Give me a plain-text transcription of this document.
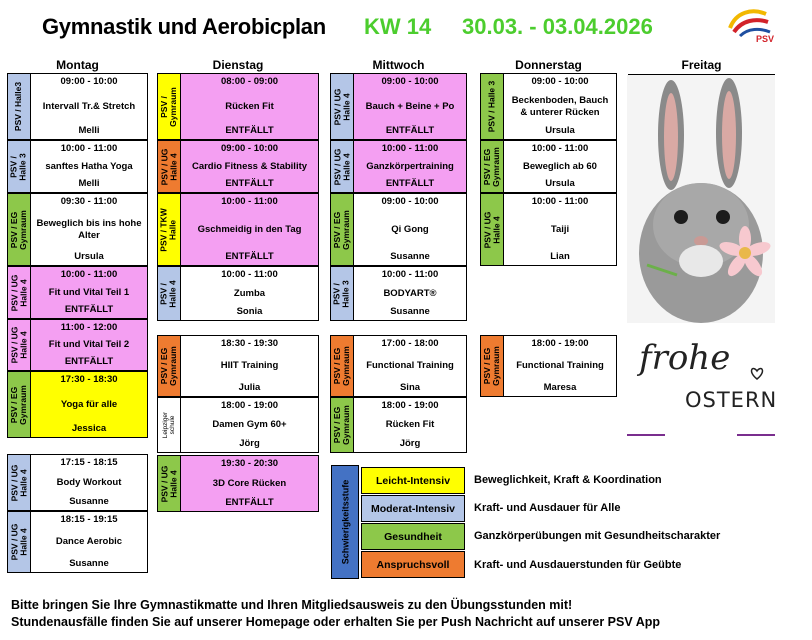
Gymnastik und Aerobicplan KW 14 30.03. - 03.04.2026	PSV
Montag	Dienstag	Mittwoch	Donnerstag	Freitag
PSV / Halle3
09:00 - 10:00
Intervall Tr.& Stretch
Melli
PSV /
Halle 3
10:00 - 11:00
sanftes Hatha Yoga
Melli
PSV / EG
Gymraum
09:30 - 11:00
Beweglich bis ins hohe Alter
Ursula
PSV / UG
Halle 4
10:00 - 11:00
Fit und Vital Teil 1
ENTFÄLLT
PSV / UG
Halle 4
11:00 - 12:00
Fit und Vital Teil 2
ENTFÄLLT
PSV / EG
Gymraum
17:30 - 18:30
Yoga für alle
Jessica
PSV / UG
Halle 4
17:15 - 18:15
Body Workout
Susanne
PSV / UG
Halle 4
18:15 - 19:15
Dance Aerobic
Susanne
PSV /
Gymraum
08:00 - 09:00
Rücken Fit
ENTFÄLLT
PSV / UG
Halle 4
09:00 - 10:00
Cardio Fitness & Stability
ENTFÄLLT
PSV / TKW
Halle
10:00 - 11:00
Gschmeidig in den Tag
ENTFÄLLT
PSV /
Halle 4
10:00 - 11:00
Zumba
Sonia
PSV / EG
Gymraum
18:30 - 19:30
HIIT Training
Julia
Leipziger
schule
18:00 - 19:00
Damen Gym 60+
Jörg
PSV / UG
Halle 4
19:30 - 20:30
3D Core Rücken
ENTFÄLLT
PSV / UG
Halle 4
09:00 - 10:00
Bauch + Beine + Po
ENTFÄLLT
PSV / UG
Halle 4
10:00 - 11:00
Ganzkörpertraining
ENTFÄLLT
PSV / EG
Gymraum
09:00 - 10:00
Qi Gong
Susanne
PSV /
Halle 3
10:00 - 11:00
BODYART®
Susanne
PSV / EG
Gymraum
17:00 - 18:00
Functional Training
Sina
PSV / EG
Gymraum	18:00 - 19:00
Rücken Fit
Jörg
PSV / Halle 3	09:00 - 10:00
Beckenboden, Bauch & unterer Rücken
Ursula
PSV / EG
Gymraum	10:00 - 11:00
Beweglich ab 60
Ursula
PSV / UG
Halle 4
10:00 - 11:00
Taiji
Lian
PSV / EG
Gymraum
18:00 - 19:00
Functional Training
Maresa
frohe
OSTERN
Schwierigkeitsstufe	Leicht-Intensiv
Moderat-Intensiv
Gesundheit
Anspruchsvoll
Beweglichkeit, Kraft & Koordination
Kraft- und Ausdauer für Alle
Ganzkörperübungen mit Gesundheitscharakter
Kraft- und Ausdauerstunden für Geübte
Bitte bringen Sie Ihre Gymnastikmatte und Ihren Mitgliedsausweis zu den Übungsstunden mit!
Stundenausfälle finden Sie auf unserer Homepage oder erhalten Sie per Push Nachricht auf unserer PSV App
